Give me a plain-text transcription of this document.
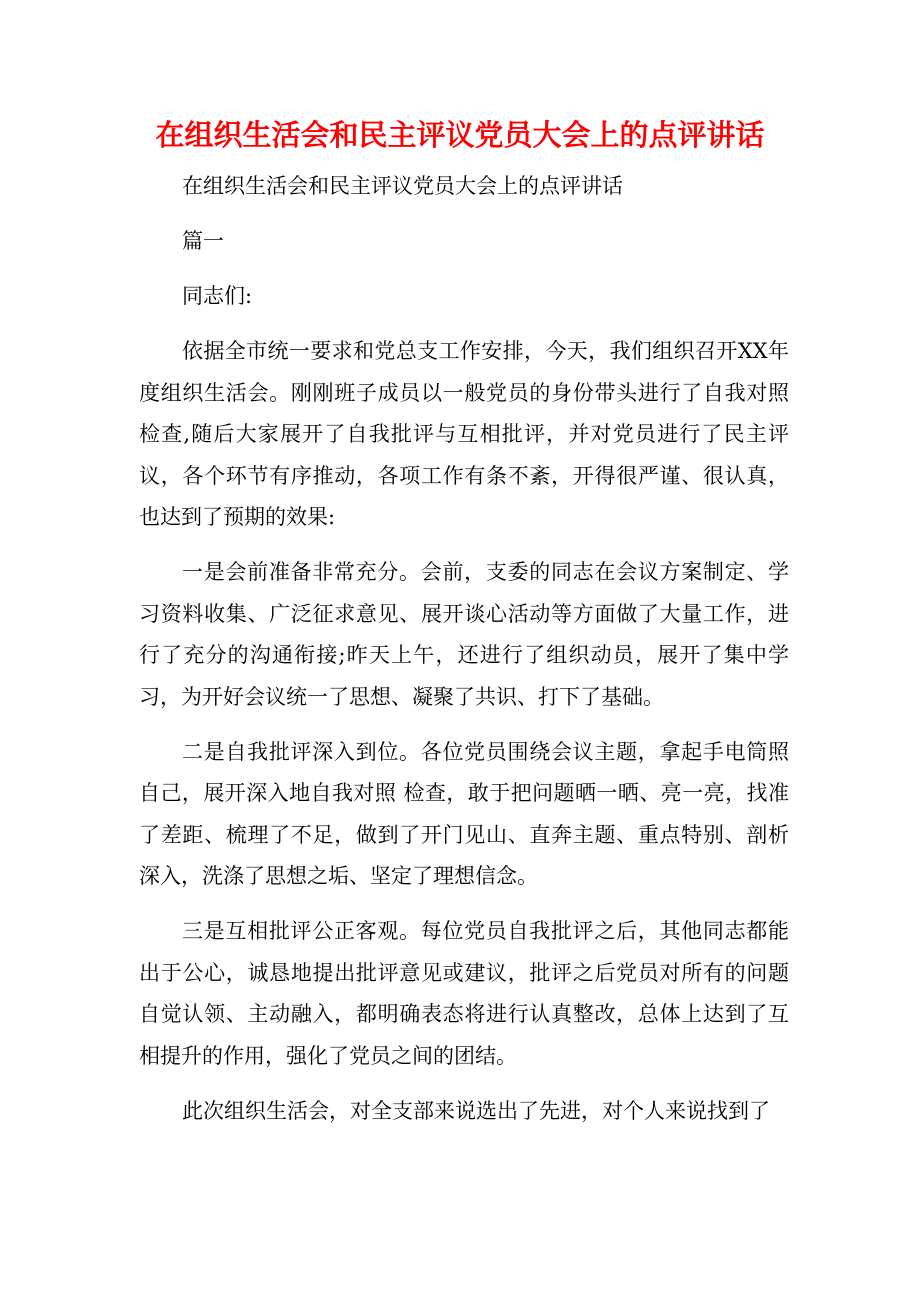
在组织生活会和民主评议党员大会上的点评讲话

在组织生活会和民主评议党员大会上的点评讲话

篇一

同志们:

依据全市统一要求和党总支工作安排，今天，我们组织召开XX年度组织生活会。刚刚班子成员以一般党员的身份带头进行了自我对照 检查,随后大家展开了自我批评与互相批评，并对党员进行了民主评议，各个环节有序推动，各项工作有条不紊，开得很严谨、很认真，也达到了预期的效果:

一是会前准备非常充分。会前，支委的同志在会议方案制定、学习资料收集、广泛征求意见、展开谈心活动等方面做了大量工作，进行了充分的沟通衔接;昨天上午，还进行了组织动员，展开了集中学习，为开好会议统一了思想、凝聚了共识、打下了基础。

二是自我批评深入到位。各位党员围绕会议主题，拿起手电筒照自己，展开深入地自我对照 检查，敢于把问题晒一晒、亮一亮，找准了差距、梳理了不足，做到了开门见山、直奔主题、重点特别、剖析深入，洗涤了思想之垢、坚定了理想信念。

三是互相批评公正客观。每位党员自我批评之后，其他同志都能出于公心，诚恳地提出批评意见或建议，批评之后党员对所有的问题自觉认领、主动融入，都明确表态将进行认真整改，总体上达到了互相提升的作用，强化了党员之间的团结。

此次组织生活会，对全支部来说选出了先进，对个人来说找到了
